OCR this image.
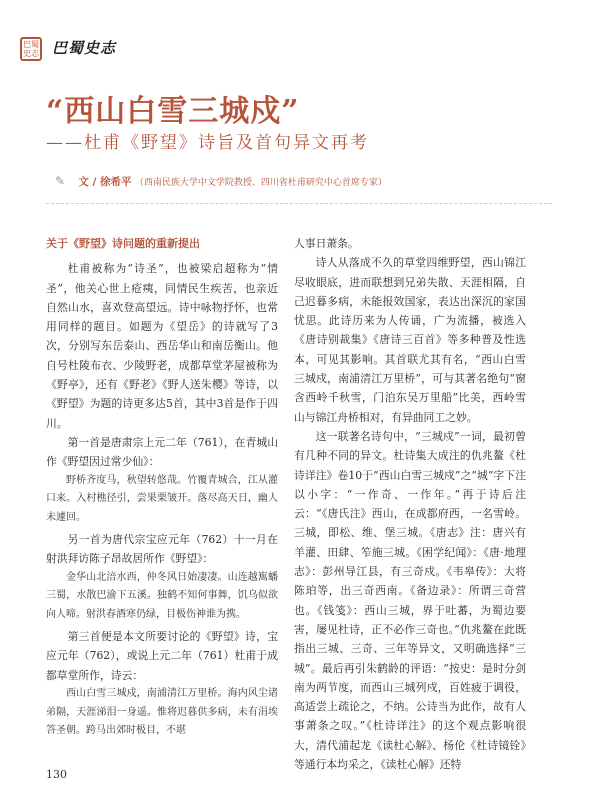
巴蜀史志 巴蜀史志
“西山白雪三城戍”
——杜甫《野望》诗旨及首句异文再考
✎ 文 / 徐希平 （西南民族大学中文学院教授、四川省杜甫研究中心首席专家）

关于《野望》诗问题的重新提出

杜甫被称为“诗圣”，也被梁启超称为“情圣”，他关心世上疮痍，同情民生疾苦，也亲近自然山水，喜欢登高望远。诗中咏物抒怀，也常用同样的题目。如题为《望岳》的诗就写了3次，分别写东岳泰山、西岳华山和南岳衡山。他自号杜陵布衣、少陵野老，成都草堂茅屋被称为《野亭》，还有《野老》《野人送朱樱》等诗，以《野望》为题的诗更多达5首，其中3首是作于四川。

第一首是唐肃宗上元二年（761），在青城山作《野望因过常少仙》：

野桥齐度马，秋望转悠哉。竹覆青城合，江从灌口来。入村樵径引，尝果栗皱开。落尽高天日，幽人未遽回。

另一首为唐代宗宝应元年（762）十一月在射洪拜访陈子昂故居所作《野望》：

金华山北涪水西，仲冬风日始凄凄。山连越嶲蟠三蜀，水散巴渝下五溪。独鹤不知何事舞，饥乌似欲向人啼。射洪春酒寒仍绿，目极伤神谁为携。

第三首便是本文所要讨论的《野望》诗，宝应元年（762），或说上元二年（761）杜甫于成都草堂所作，诗云：

西山白雪三城戍，南浦清江万里桥。海内风尘诸弟隔，天涯涕泪一身遥。惟将迟暮供多病，未有涓埃答圣朝。跨马出郊时极目，不堪

人事日萧条。

诗人从落成不久的草堂四维野望，西山锦江尽收眼底，进而联想到兄弟失散、天涯相隔，自己迟暮多病，未能报效国家，表达出深沉的家国忧思。此诗历来为人传诵，广为流播，被选入《唐诗别裁集》《唐诗三百首》等多种普及性选本，可见其影响。其首联尤其有名，“西山白雪三城戍，南浦清江万里桥”，可与其著名绝句“窗含西岭千秋雪，门泊东吴万里船”比美，西岭雪山与锦江舟桥相对，有异曲同工之妙。

这一联著名诗句中，“三城戍”一词，最初曾有几种不同的异文。杜诗集大成注的仇兆鳌《杜诗详注》卷10于“西山白雪三城戍”之“城”字下注以小字：“一作奇、一作年。”再于诗后注云：“《唐氏注》西山，在成都府西，一名雪岭。三城，即松、维、堡三城。《唐志》注：唐兴有羊灌、田肆、笮施三城。《困学纪闻》：《唐·地理志》：彭州导江县，有三奇戍。《韦皋传》：大将陈珀等，出三奇西南。《备边录》：所谓三奇营也。《钱笺》：西山三城，界于吐蕃，为蜀边要害，屡见杜诗，正不必作三奇也。”仇兆鳌在此既指出三城、三奇、三年等异文，又明确选择“三城”。最后再引朱鹤龄的评语：“按史：是时分剑南为两节度，而西山三城列戍，百姓疲于调役，高适尝上疏论之，不纳。公诗当为此作，故有人事萧条之叹。”《杜诗详注》的这个观点影响很大，清代浦起龙《读杜心解》、杨伦《杜诗镜铨》等通行本均采之，《读杜心解》还特

130
